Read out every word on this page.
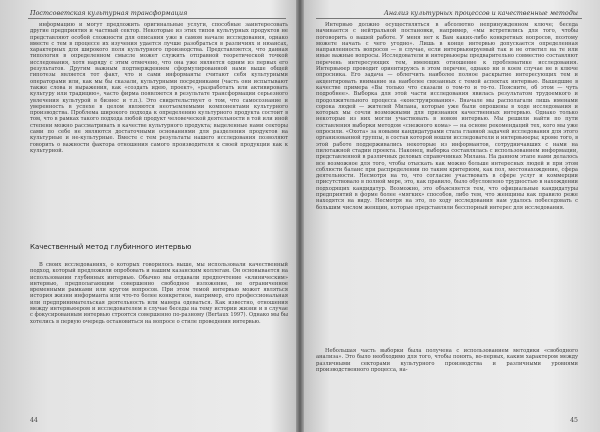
Постсоветская культурная трансформация

информацию и могут предложить оригинальные услуги, способные заинтересовать другие предприятия и частный сектор. Некоторые из этих типов культурных продуктов не представляют особой сложности для описания уже в самом начале исследования, однако вместе с тем в процессе их изучения удается лучше разобраться в различиях и нюансах, характерных для широкого поля культурного производства. Представляется, что данная типология в определенном смысле может служить отправной теоретической точкой исследования, хотя наряду с этим отмечено, что она уже является одним из первых его результатов. Другим важным подтверждением сформулированной нами выше общей гипотезы является тот факт, что и сами информанты считают себя культурными операторами или, как мы бы сказали, культурными посредниками (часть они испытывают также слова и выражения, как «создать идею, проект», «разработать или активировать культуру или традицию», часто фирма появляется в результате трансформации серьезного увлечения культурой в бизнес и т.п.). Это свидетельствует о том, что самосознание и уверенность в успехе в целом являются неотъемлемыми компонентами культурного производства. Проблема широкого подхода к определению культурного продукта состоит в том, что в рамках такого подхода любой продукт человеческой деятельности в той или иной степени можно рассматривать в качестве культурного продукта; выделенные нами секторы сами по себе не являются достаточными основаниями для разделения продуктов на культурные и не-культурные. Вместе с тем результаты нашего исследования позволяют говорить о важности фактора отношения самого производителя к своей продукции как к культурной.

Качественный метод глубинного интервью

В своих исследованиях, о которых говорилось выше, мы использовали качественный подход, который предложили опробовать и нашим казанским коллегам. Он основывается на использовании глубинных интервью. Обычно мы отдавали предпочтение «клиническим» интервью, предполагающим совершенно свободное изложение, не ограниченное временными рамками или кругом вопросов. При этом темой интервью может являться история жизни информанта или что-то более конкретное, например, его профессиональная или предпринимательская деятельность или манера одеваться. Как известно, отношения между интервьюером и исследователем в случае беседы на тему истории жизни и в случае с фокусированным интервью строятся совершенно по-разному (Bertaux 1997). Однако мы бы хотелись в первую очередь остановиться на вопросе о стиле проведения интервью.

44
Анализ культурных процессов и качественные методы

Интервью должно осуществляться в абсолютно непринужденном ключе; беседа начинается с нейтральной постановки, например, «мы встретились для того, чтобы поговорить о вашей работе. У меня нет к Вам каких-либо конкретных вопросов, поэтому можете начать с чего угодно». Лишь в конце интервью допускается определенная направленность вопросов — в случае, если интервьюируемый так и не ответил на те или иные важные вопросы. Исследователи и интервьюеры предварительно совместно составляют перечень интересующих тем, имеющих отношение к проблематике исследования. Интервьюер проводит ориентируясь в этом перечне, однако ни в коем случае не в ключе опросника. Его задача — облегчить наиболее полное раскрытие интересующих тем и акцентировать внимание на наиболее связанных с темой аспектах интервью. Вышедшие в качестве примера «Вы только что сказали о том-то и то-то. Поясните, об этом — чуть подробнее». Выборка для этой части исследования явилась результатом трудоемкого и продолжительного процесса «конструирования». Вначале мы располагали лишь именами сорока людей — жителей Милана, которые уже были опрошены в ходе исследования и которых мы сочли возможными для признания качественных интервью. Однако только некоторые из них могли участвовать в новом интервью. Мы решили найти по пути составления выборки методом «снежного кома» — на основе рекомендаций тех, кого мы уже опросили. «Охота» за новыми кандидатурами стала главной задачей исследования для этого организованной группы, в состав которой вошли исследователи и интервьюеры; кроме того, в этой работе поддерживались некоторые из информантов, сотрудничавших с нами на пилотажной стадии проекта. Наконец, выборка составлялась с использованием информации, представленной в различных деловых справочниках Милана. На данном этапе нами делалось все возможное для того, чтобы отыскать как можно больше интересных людей и при этом соблюсти баланс при распределении по таким критериям, как пол, местонахождение, сфера деятельности. Несмотря на то, что согласие участвовать в сфере услуг и коммерции присутствовало в полной мере, это, как правило, было обусловлено трудностью в нахождении подходящих кандидатур. Возможно, это объясняется тем, что официальные кандидатуры предприятий в форме более «мягких» способов, либо тем, что женщины как правило реже находятся на виду. Несмотря на это, по ходу исследования нам удалось побеседовать с большим числом женщин, которые представляли бесспорный интерес для исследования.

Небольшая часть выборки была получена с использованием методики «свободного анализа». Это было необходимо для того, чтобы понять, во-первых, каким характером между различными секторами культурного производства и различными уровнями производственного процесса, на-

45
